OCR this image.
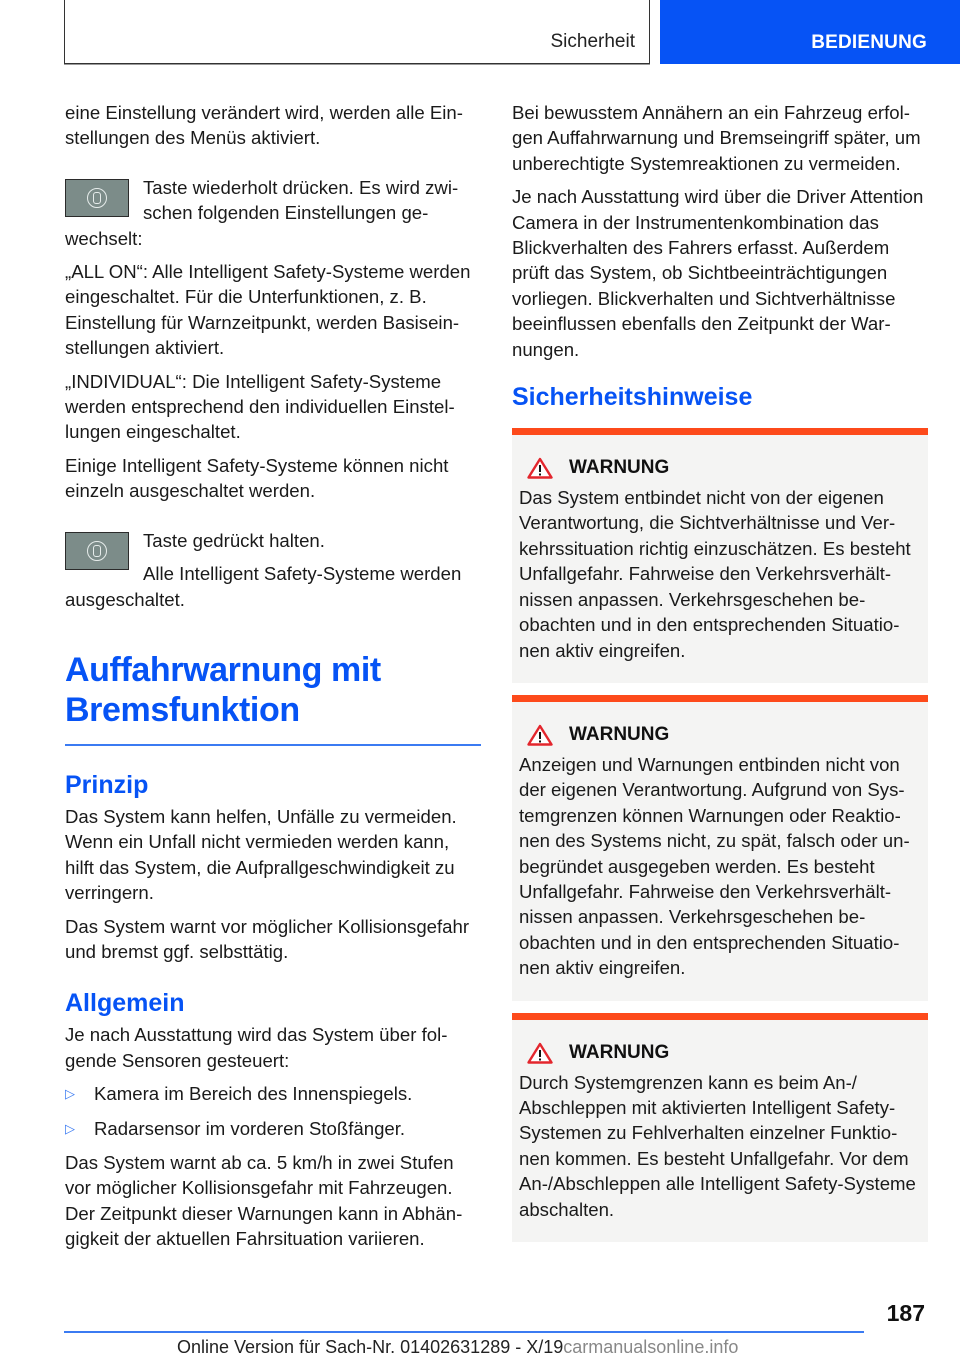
Sicherheit	BEDIENUNG

eine Einstellung verändert wird, werden alle Einstellungen des Menüs aktiviert.

Taste wiederholt drücken. Es wird zwischen folgenden Einstellungen gewechselt:

„ALL ON“: Alle Intelligent Safety-Systeme werden eingeschaltet. Für die Unterfunktionen, z. B. Einstellung für Warnzeitpunkt, werden Basiseinstellungen aktiviert.

„INDIVIDUAL“: Die Intelligent Safety-Systeme werden entsprechend den individuellen Einstellungen eingeschaltet.

Einige Intelligent Safety-Systeme können nicht einzeln ausgeschaltet werden.

Taste gedrückt halten.

Alle Intelligent Safety-Systeme werden ausgeschaltet.

Auffahrwarnung mit Bremsfunktion
Prinzip

Das System kann helfen, Unfälle zu vermeiden. Wenn ein Unfall nicht vermieden werden kann, hilft das System, die Aufprallgeschwindigkeit zu verringern.

Das System warnt vor möglicher Kollisionsgefahr und bremst ggf. selbsttätig.

Allgemein

Je nach Ausstattung wird das System über folgende Sensoren gesteuert:

▷ Kamera im Bereich des Innenspiegels.
▷ Radarsensor im vorderen Stoßfänger.

Das System warnt ab ca. 5 km/h in zwei Stufen vor möglicher Kollisionsgefahr mit Fahrzeugen. Der Zeitpunkt dieser Warnungen kann in Abhängigkeit der aktuellen Fahrsituation variieren.

Bei bewusstem Annähern an ein Fahrzeug erfolgen Auffahrwarnung und Bremseingriff später, um unberechtigte Systemreaktionen zu vermeiden.

Je nach Ausstattung wird über die Driver Attention Camera in der Instrumentenkombination das Blickverhalten des Fahrers erfasst. Außerdem prüft das System, ob Sichtbeeinträchtigungen vorliegen. Blickverhalten und Sichtverhältnisse beeinflussen ebenfalls den Zeitpunkt der Warnungen.

Sicherheitshinweise
WARNUNG

Das System entbindet nicht von der eigenen Verantwortung, die Sichtverhältnisse und Verkehrssituation richtig einzuschätzen. Es besteht Unfallgefahr. Fahrweise den Verkehrsverhältnissen anpassen. Verkehrsgeschehen beobachten und in den entsprechenden Situationen aktiv eingreifen.

WARNUNG

Anzeigen und Warnungen entbinden nicht von der eigenen Verantwortung. Aufgrund von Systemgrenzen können Warnungen oder Reaktionen des Systems nicht, zu spät, falsch oder unbegründet ausgegeben werden. Es besteht Unfallgefahr. Fahrweise den Verkehrsverhältnissen anpassen. Verkehrsgeschehen beobachten und in den entsprechenden Situationen aktiv eingreifen.

WARNUNG

Durch Systemgrenzen kann es beim An-/ Abschleppen mit aktivierten Intelligent Safety-Systemen zu Fehlverhalten einzelner Funktionen kommen. Es besteht Unfallgefahr. Vor dem An-/Abschleppen alle Intelligent Safety-Systeme abschalten.

187
Online Version für Sach-Nr. 01402631289 - X/19carmanualsonline.info
